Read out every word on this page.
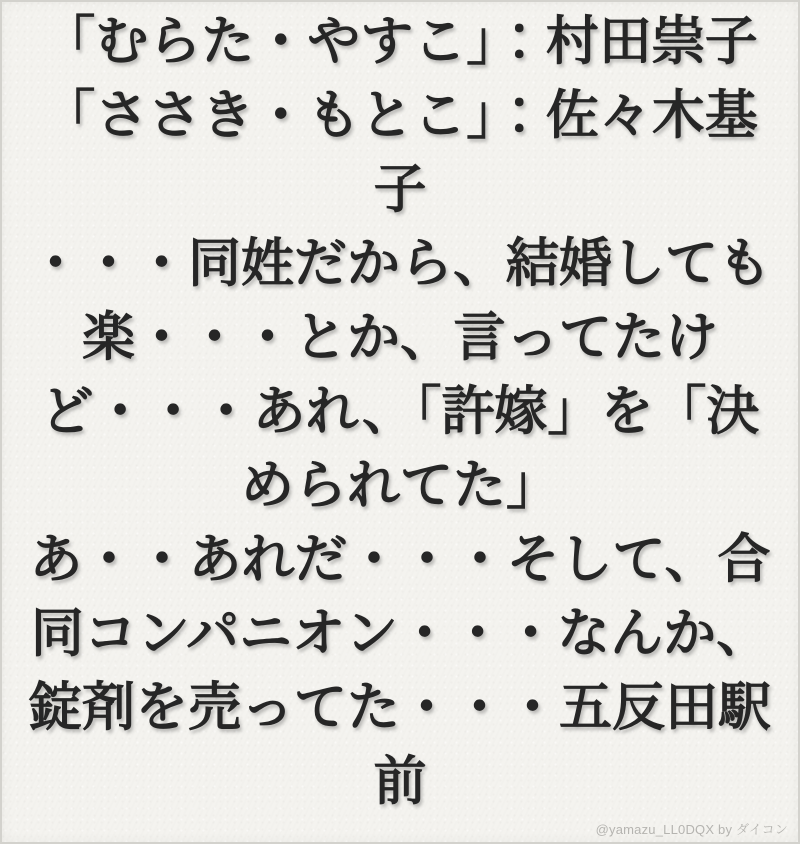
「むらた・やすこ」：村田祟子
「ささき・もとこ」：佐々木基
子
・・・同姓だから、結婚しても
楽・・・とか、言ってたけ
ど・・・あれ、「許嫁」を「決
められてた」
あ・・あれだ・・・そして、合
同コンパニオン・・・なんか、
錠剤を売ってた・・・五反田駅
前
@yamazu_LL0DQX by ダイコン
